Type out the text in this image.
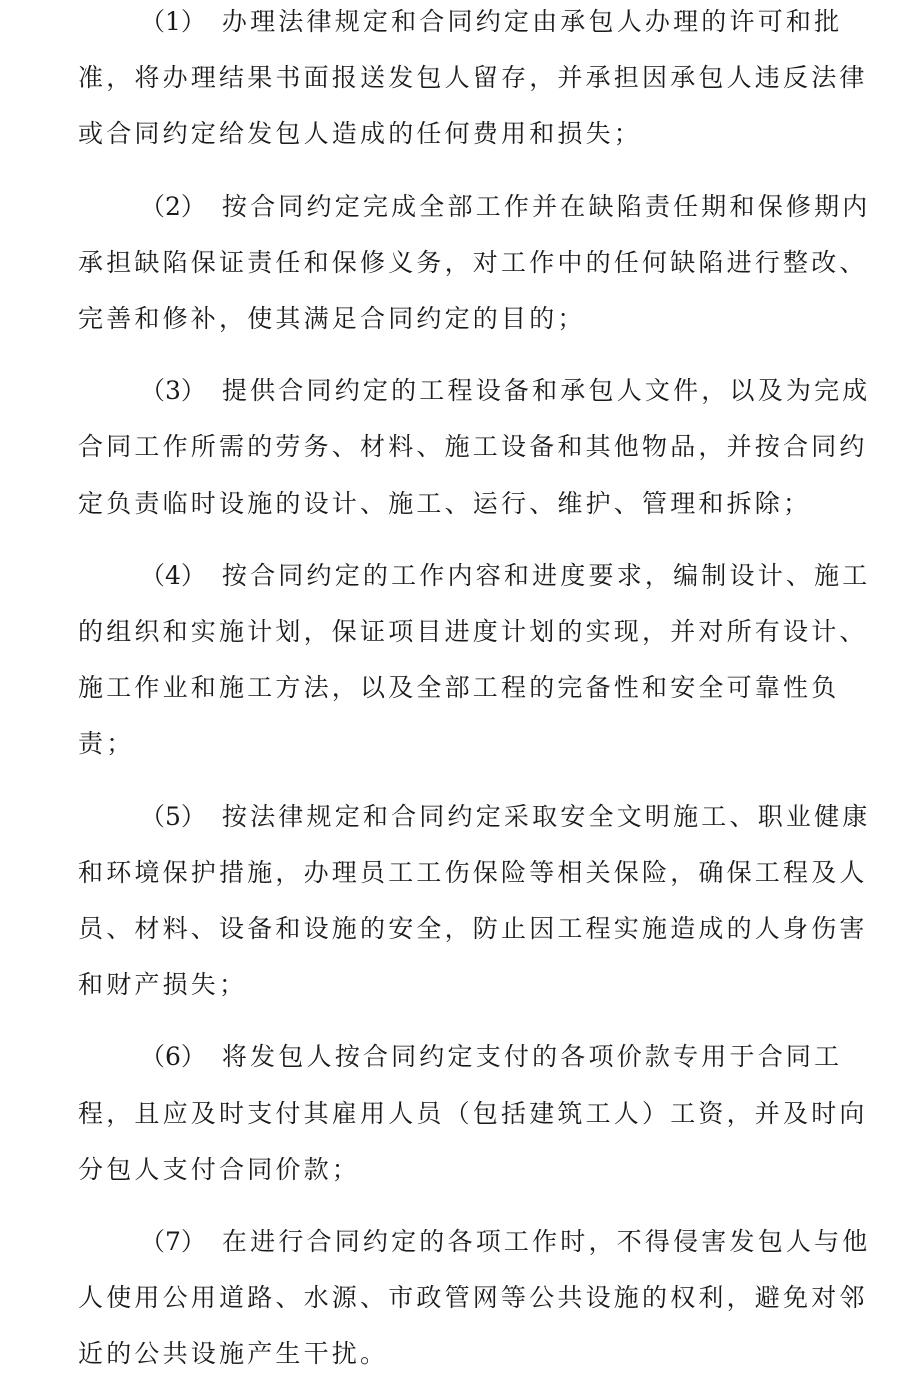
（1） 办理法律规定和合同约定由承包人办理的许可和批
准，将办理结果书面报送发包人留存，并承担因承包人违反法律
或合同约定给发包人造成的任何费用和损失；
（2） 按合同约定完成全部工作并在缺陷责任期和保修期内
承担缺陷保证责任和保修义务，对工作中的任何缺陷进行整改、
完善和修补，使其满足合同约定的目的；
（3） 提供合同约定的工程设备和承包人文件，以及为完成
合同工作所需的劳务、材料、施工设备和其他物品，并按合同约
定负责临时设施的设计、施工、运行、维护、管理和拆除；
（4） 按合同约定的工作内容和进度要求，编制设计、施工
的组织和实施计划，保证项目进度计划的实现，并对所有设计、
施工作业和施工方法，以及全部工程的完备性和安全可靠性负
责；
（5） 按法律规定和合同约定采取安全文明施工、职业健康
和环境保护措施，办理员工工伤保险等相关保险，确保工程及人
员、材料、设备和设施的安全，防止因工程实施造成的人身伤害
和财产损失；
（6） 将发包人按合同约定支付的各项价款专用于合同工
程，且应及时支付其雇用人员（包括建筑工人）工资，并及时向
分包人支付合同价款；
（7） 在进行合同约定的各项工作时，不得侵害发包人与他
人使用公用道路、水源、市政管网等公共设施的权利，避免对邻
近的公共设施产生干扰。
